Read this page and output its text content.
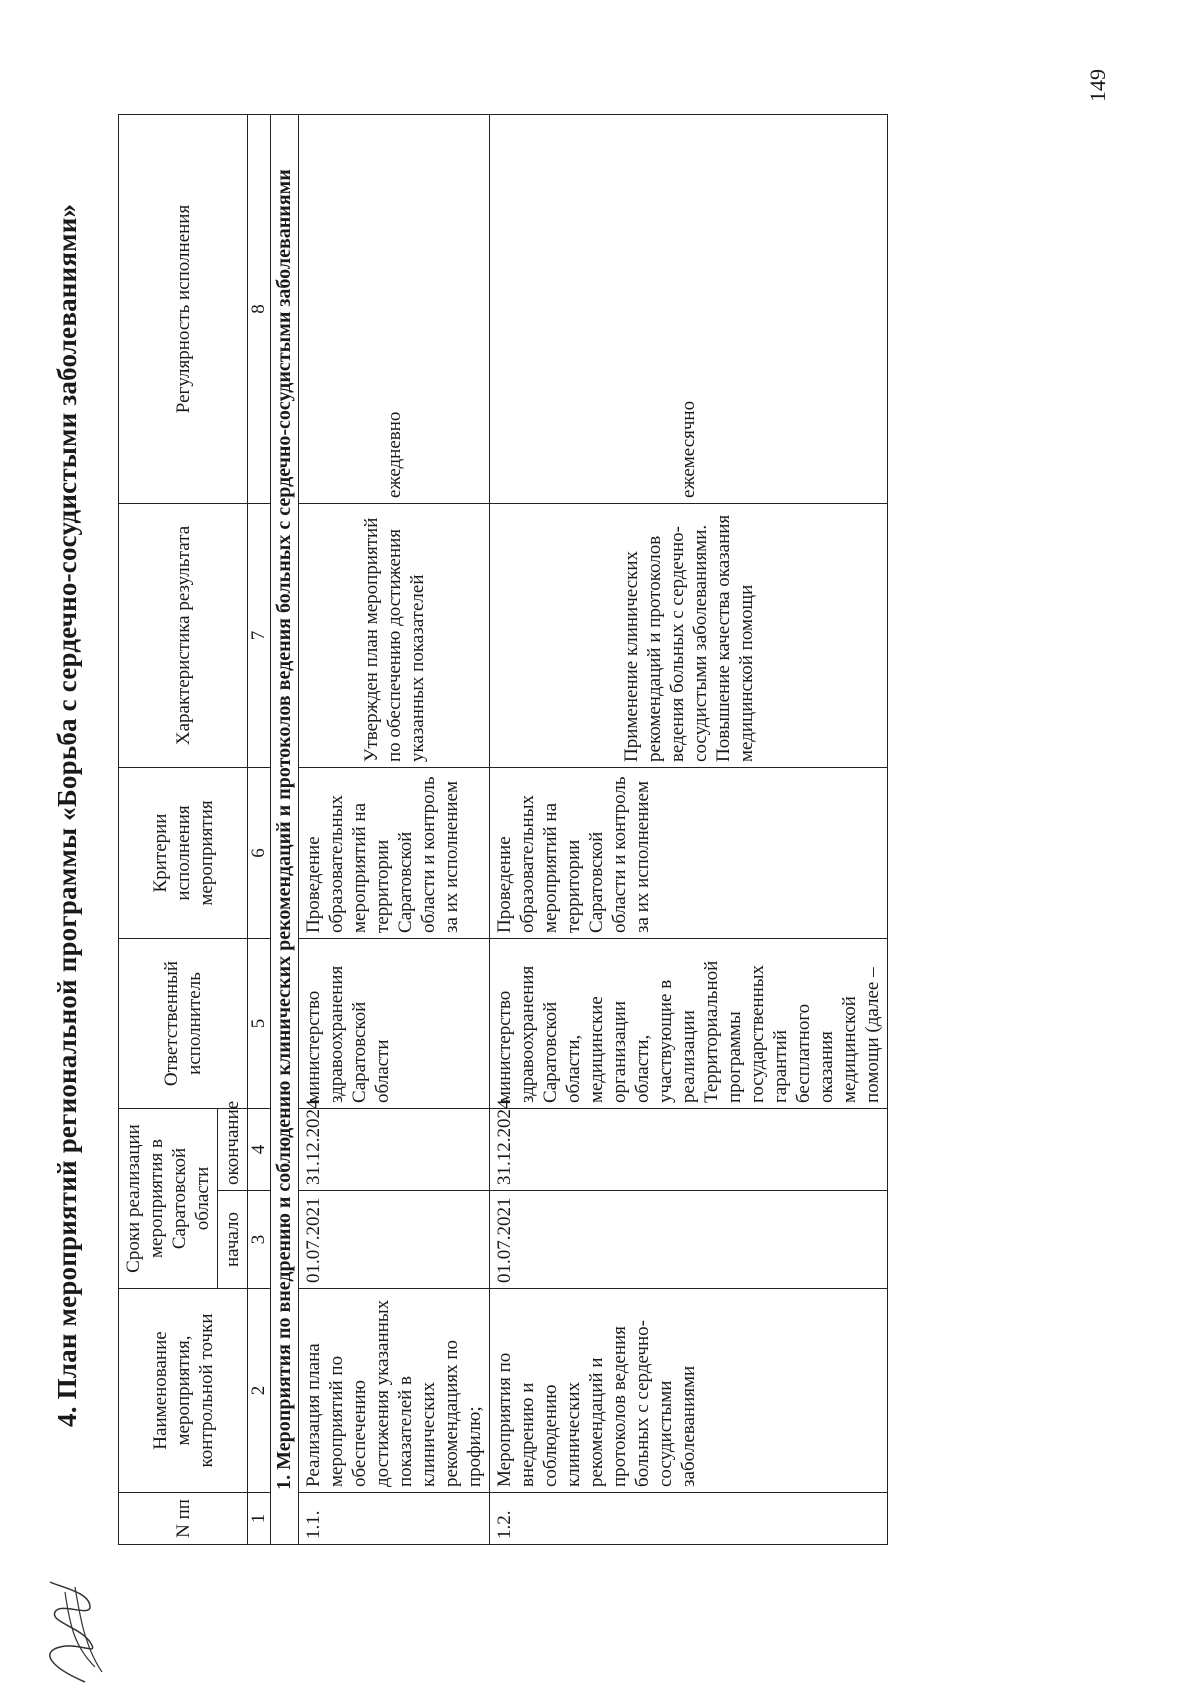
4. План мероприятий региональной программы «Борьба с сердечно-сосудистыми заболеваниями»
N пп	Наименование мероприятия, контрольной точки	Сроки реализации мероприятия в Саратовской области		Ответственный исполнитель	Критерии исполнения мероприятия	Характеристика результата	Регулярность исполнения
		начало	окончание				
1	2	3	4	5	6	7	8
1. Мероприятия по внедрению и соблюдению клинических рекомендаций и протоколов ведения больных с сердечно-сосудистыми заболеваниями							
1.1.	Реализация плана мероприятий по обеспечению достижения указанных показателей в клинических рекомендациях по профилю;	01.07.2021	31.12.2024	министерство здравоохранения Саратовской области	Проведение образовательных мероприятий на территории Саратовской области и контроль за их исполнением	Утвержден план мероприятий по обеспечению достижения указанных показателей	ежедневно
1.2.	Мероприятия по внедрению и соблюдению клинических рекомендаций и протоколов ведения больных с сердечно-сосудистыми заболеваниями	01.07.2021	31.12.2024	министерство здравоохранения Саратовской области, медицинские организации области, участвующие в реализации Территориальной программы государственных гарантий бесплатного оказания медицинской помощи (далее –	Проведение образовательных мероприятий на территории Саратовской области и контроль за их исполнением	Применение клинических рекомендаций и протоколов ведения больных с сердечно-сосудистыми заболеваниями. Повышение качества оказания медицинской помощи	ежемесячно
149
